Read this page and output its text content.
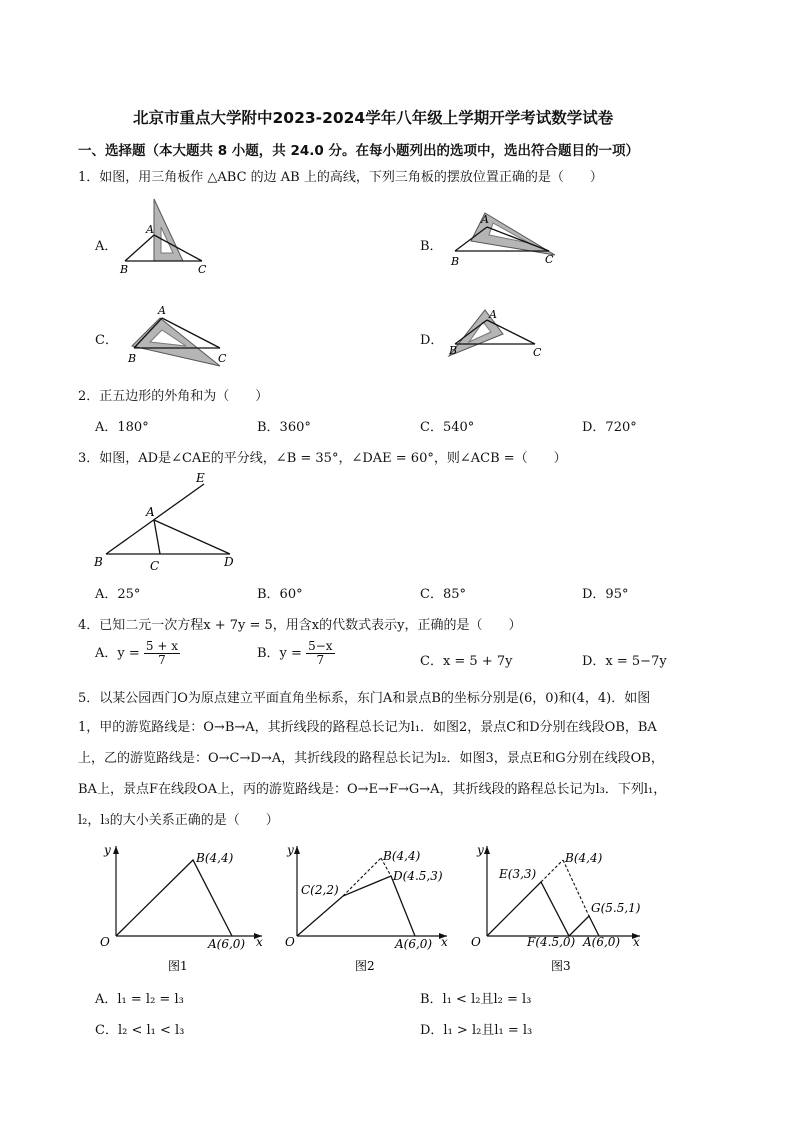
北京市重点大学附中2023-2024学年八年级上学期开学考试数学试卷
一、选择题（本大题共 8 小题，共 24.0 分。在每小题列出的选项中，选出符合题目的一项）
1．如图，用三角板作 △ABC 的边 AB 上的高线，下列三角板的摆放位置正确的是（　　）
A．	B．
C．	D．
A
B	C
A
B	C
A
B	C
A
B	C
2．正五边形的外角和为（　　）
A．180°	B．360°	C．540°	D．720°
3．如图，AD是∠CAE的平分线，∠B = 35°，∠DAE = 60°，则∠ACB =（　　）
E
A
B	C	D
A．25°	B．60°	C．85°	D．95°
4．已知二元一次方程x + 7y = 5，用含x的代数式表示y，正确的是（　　）
A．$y = \frac{5 + x}{7}$	B．$y = \frac{5-x}{7}$	C．x = 5 + 7y	D．x = 5−7y
5．以某公园西门O为原点建立平面直角坐标系，东门A和景点B的坐标分别是(6，0)和(4，4)．如图
1，甲的游览路线是：O→B→A，其折线段的路程总长记为l₁．如图2，景点C和D分别在线段OB，BA
上，乙的游览路线是：O→C→D→A，其折线段的路程总长记为l₂．如图3，景点E和G分别在线段OB，
BA上，景点F在线段OA上，丙的游览路线是：O→E→F→G→A，其折线段的路程总长记为l₃．下列l₁，
l₂，l₃的大小关系正确的是（　　）
y
x
O
B(4,4)
A(6,0)
图1
y
x
O
B(4,4)
C(2,2)
D(4.5,3)
A(6,0)
图2
y
x
O
B(4,4)
E(3,3)
G(5.5,1)
F(4.5,0) A(6,0)
图3
A．l₁ = l₂ = l₃	B．l₁ < l₂且l₂ = l₃
C．l₂ < l₁ < l₃	D．l₁ > l₂且l₁ = l₃
